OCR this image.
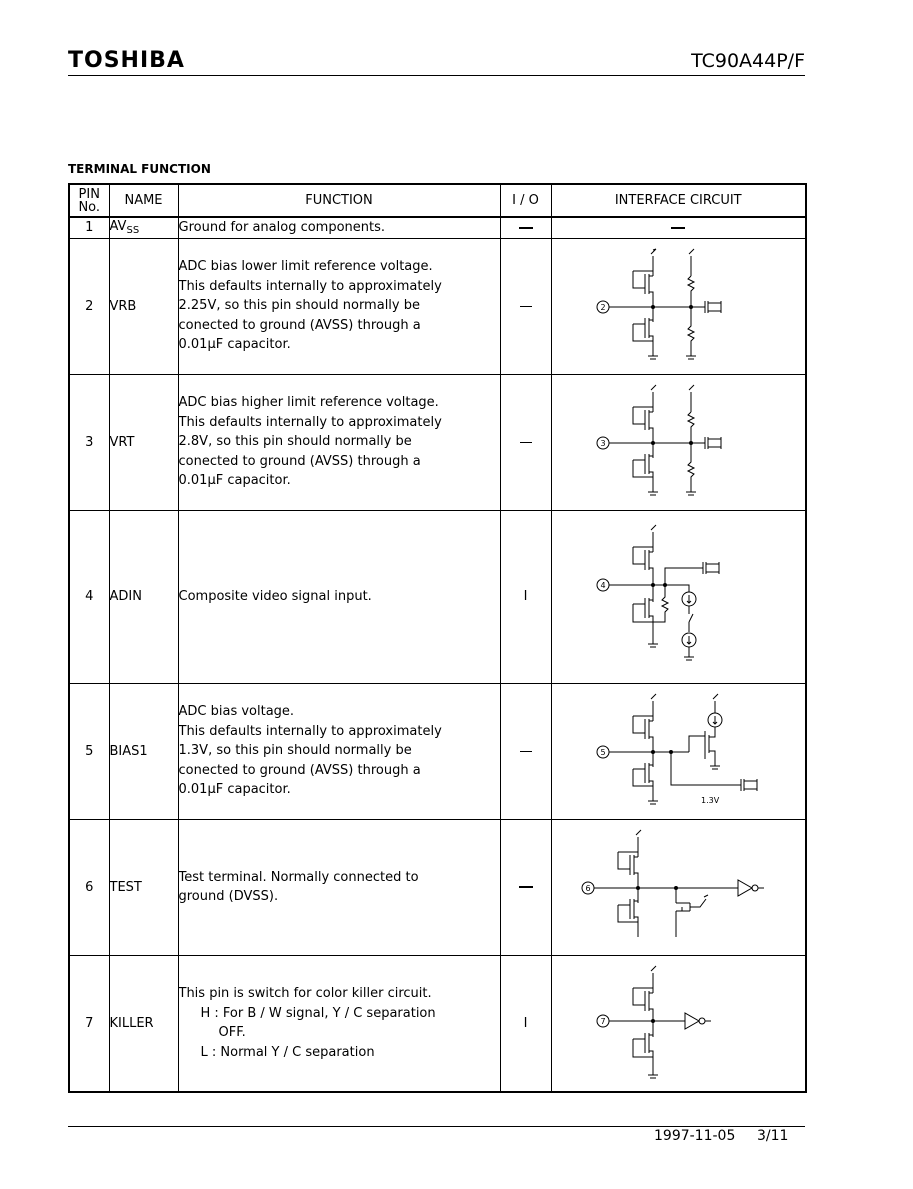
TOSHIBA	TC90A44P/F
TERMINAL FUNCTION
PIN
No.	NAME	FUNCTION	I / O	INTERFACE CIRCUIT
1	$AV_{SS}$	Ground for analog components.		
2	VRB	ADC bias lower limit reference voltage.
This defaults internally to approximately
2.25V, so this pin should normally be
conected to ground (AVSS) through a
0.01μF capacitor.		2

3	VRT	ADC bias higher limit reference voltage.
This defaults internally to approximately
2.8V, so this pin should normally be
conected to ground (AVSS) through a
0.01μF capacitor.		3

4	ADIN	Composite video signal input.	I	4

5	BIAS1	ADC bias voltage.
This defaults internally to approximately
1.3V, so this pin should normally be
conected to ground (AVSS) through a
0.01μF capacitor.		5
1.3V

6	TEST	Test terminal. Normally connected to
ground (DVSS).		6

7	KILLER	This pin is switch for color killer circuit.
H : For B / W signal, Y / C separation
OFF.
L : Normal Y / C separation	I	7
1997-11-05 3/11
